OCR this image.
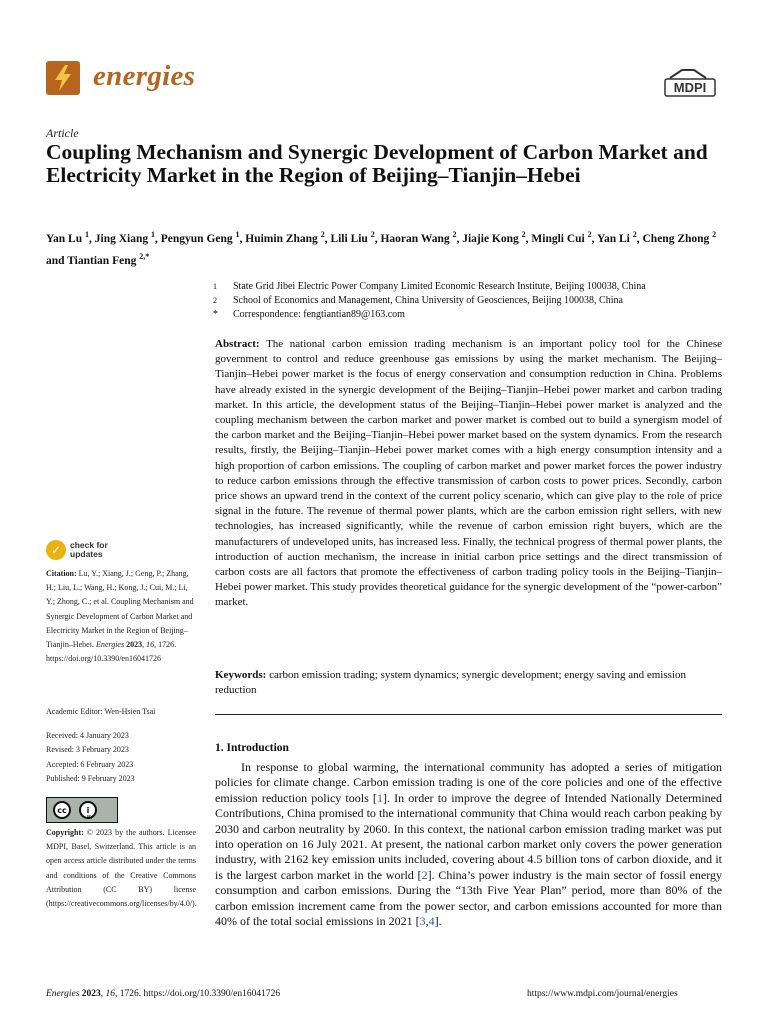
energies	MDPI
Article
Coupling Mechanism and Synergic Development of Carbon Market and Electricity Market in the Region of Beijing–Tianjin–Hebei
Yan Lu $^1$, Jing Xiang $^1$, Pengyun Geng $^1$, Huimin Zhang $^2$, Lili Liu $^2$, Haoran Wang $^2$, Jiajie Kong $^2$, Mingli Cui $^2$, Yan Li $^2$, Cheng Zhong $^2$ and Tiantian Feng $^{2,*}$
1	State Grid Jibei Electric Power Company Limited Economic Research Institute, Beijing 100038, China
2	School of Economics and Management, China University of Geosciences, Beijing 100038, China
*	Correspondence: fengtiantian89@163.com
Abstract: The national carbon emission trading mechanism is an important policy tool for the Chinese government to control and reduce greenhouse gas emissions by using the market mechanism. The Beijing–Tianjin–Hebei power market is the focus of energy conservation and consumption reduction in China. Problems have already existed in the synergic development of the Beijing–Tianjin–Hebei power market and carbon trading market. In this article, the development status of the Beijing–Tianjin–Hebei power market is analyzed and the coupling mechanism between the carbon market and power market is combed out to build a synergism model of the carbon market and the Beijing–Tianjin–Hebei power market based on the system dynamics. From the research results, firstly, the Beijing–Tianjin–Hebei power market comes with a high energy consumption intensity and a high proportion of carbon emissions. The coupling of carbon market and power market forces the power industry to reduce carbon emissions through the effective transmission of carbon costs to power prices. Secondly, carbon price shows an upward trend in the context of the current policy scenario, which can give play to the role of price signal in the future. The revenue of thermal power plants, which are the carbon emission right sellers, with new technologies, has increased significantly, while the revenue of carbon emission right buyers, which are the manufacturers of undeveloped units, has increased less. Finally, the technical progress of thermal power plants, the introduction of auction mechanism, the increase in initial carbon price settings and the direct transmission of carbon costs are all factors that promote the effectiveness of carbon trading policy tools in the Beijing–Tianjin–Hebei power market. This study provides theoretical guidance for the synergic development of the “power-carbon” market.
Keywords: carbon emission trading; system dynamics; synergic development; energy saving and emission reduction
✓	check for
updates
Citation: Lu, Y.; Xiang, J.; Geng, P.; Zhang, H.; Liu, L.; Wang, H.; Kong, J.; Cui, M.; Li, Y.; Zhong, C.; et al. Coupling Mechanism and Synergic Development of Carbon Market and Electricity Market in the Region of Beijing–Tianjin–Hebei. Energies 2023, 16, 1726. https://doi.org/10.3390/en16041726
Academic Editor: Wen-Hsien Tsai
Received: 4 January 2023
Revised: 3 February 2023
Accepted: 6 February 2023
Published: 9 February 2023
cc	i
BY
Copyright: © 2023 by the authors. Licensee MDPI, Basel, Switzerland. This article is an open access article distributed under the terms and conditions of the Creative Commons Attribution (CC BY) license (https://creativecommons.org/licenses/by/4.0/).
1. Introduction
In response to global warming, the international community has adopted a series of mitigation policies for climate change. Carbon emission trading is one of the core policies and one of the effective emission reduction policy tools [1]. In order to improve the degree of Intended Nationally Determined Contributions, China promised to the international community that China would reach carbon peaking by 2030 and carbon neutrality by 2060. In this context, the national carbon emission trading market was put into operation on 16 July 2021. At present, the national carbon market only covers the power generation industry, with 2162 key emission units included, covering about 4.5 billion tons of carbon dioxide, and it is the largest carbon market in the world [2]. China’s power industry is the main sector of fossil energy consumption and carbon emissions. During the “13th Five Year Plan” period, more than 80% of the carbon emission increment came from the power sector, and carbon emissions accounted for more than 40% of the total social emissions in 2021 [3,4].
Energies 2023, 16, 1726. https://doi.org/10.3390/en16041726	https://www.mdpi.com/journal/energies
